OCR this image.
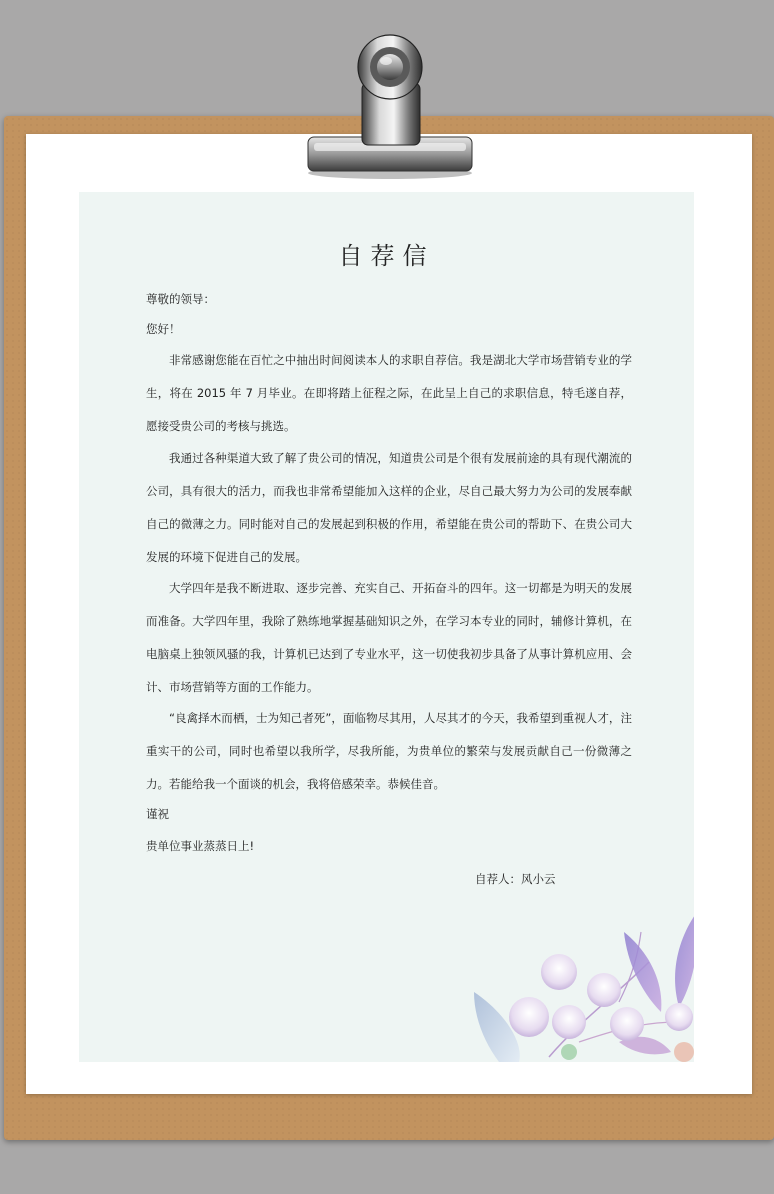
自荐信

尊敬的领导：

您好！

非常感谢您能在百忙之中抽出时间阅读本人的求职自荐信。我是湖北大学市场营销专业的学生，将在 2015 年 7 月毕业。在即将踏上征程之际，在此呈上自己的求职信息，特毛遂自荐，愿接受贵公司的考核与挑选。

我通过各种渠道大致了解了贵公司的情况，知道贵公司是个很有发展前途的具有现代潮流的公司，具有很大的活力，而我也非常希望能加入这样的企业，尽自己最大努力为公司的发展奉献自己的微薄之力。同时能对自己的发展起到积极的作用，希望能在贵公司的帮助下、在贵公司大发展的环境下促进自己的发展。

大学四年是我不断进取、逐步完善、充实自己、开拓奋斗的四年。这一切都是为明天的发展而准备。大学四年里，我除了熟练地掌握基础知识之外，在学习本专业的同时，辅修计算机，在电脑桌上独领风骚的我，计算机已达到了专业水平，这一切使我初步具备了从事计算机应用、会计、市场营销等方面的工作能力。

“良禽择木而栖，士为知己者死”，面临物尽其用，人尽其才的今天，我希望到重视人才，注重实干的公司，同时也希望以我所学，尽我所能，为贵单位的繁荣与发展贡献自己一份微薄之力。若能给我一个面谈的机会，我将倍感荣幸。恭候佳音。

谨祝

贵单位事业蒸蒸日上!

自荐人：风小云
